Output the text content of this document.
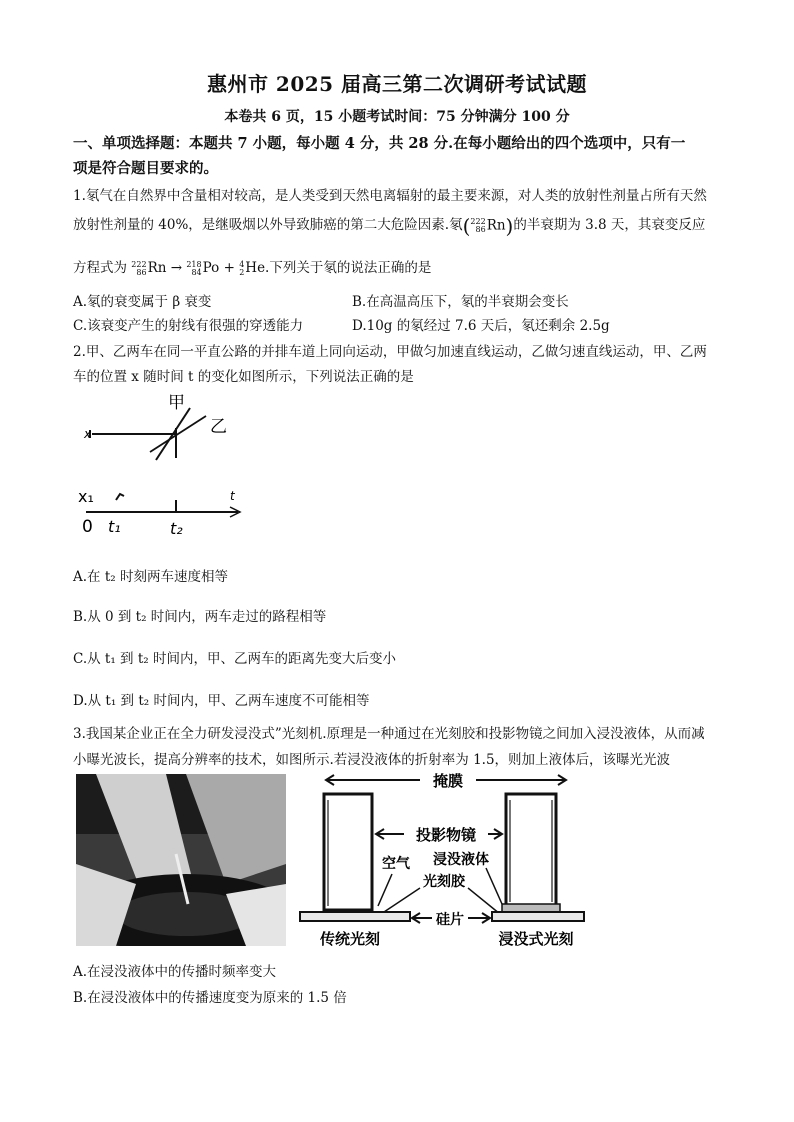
惠州市 2025 届高三第二次调研考试试题
本卷共 6 页，15 小题考试时间：75 分钟满分 100 分
一、单项选择题：本题共 7 小题，每小题 4 分，共 28 分.在每小题给出的四个选项中，只有一
项是符合题目要求的。
1.氡气在自然界中含量相对较高，是人类受到天然电离辐射的最主要来源，对人类的放射性剂量占所有天然
放射性剂量的 40%，是继吸烟以外导致肺癌的第二大危险因素.氡( 222
86 Rn)的半衰期为 3.8 天，其衰变反应
方程式为 222
86 Rn → 218
84 Po + 4
2 He.下列关于氡的说法正确的是
A.氡的衰变属于 β 衰变	B.在高温高压下，氡的半衰期会变长
C.该衰变产生的射线有很强的穿透能力	D.10g 的氡经过 7.6 天后，氡还剩余 2.5g
2.甲、乙两车在同一平直公路的并排车道上同向运动，甲做匀加速直线运动，乙做匀速直线运动，甲、乙两
车的位置 x 随时间 t 的变化如图所示，下列说法正确的是
甲
乙
x₁
0 t₁	t₂
t
x
A.在 t₂ 时刻两车速度相等
B.从 0 到 t₂ 时间内，两车走过的路程相等
C.从 t₁ 到 t₂ 时间内，甲、乙两车的距离先变大后变小
D.从 t₁ 到 t₂ 时间内，甲、乙两车速度不可能相等
3.我国某企业正在全力研发浸没式”光刻机.原理是一种通过在光刻胶和投影物镜之间加入浸没液体，从而减
小曝光波长，提高分辨率的技术，如图所示.若浸没液体的折射率为 1.5，则加上液体后，该曝光光波
掩膜
投影物镜
空气 浸没液体
光刻胶
硅片
传统光刻	浸没式光刻
A.在浸没液体中的传播时频率变大
B.在浸没液体中的传播速度变为原来的 1.5 倍
